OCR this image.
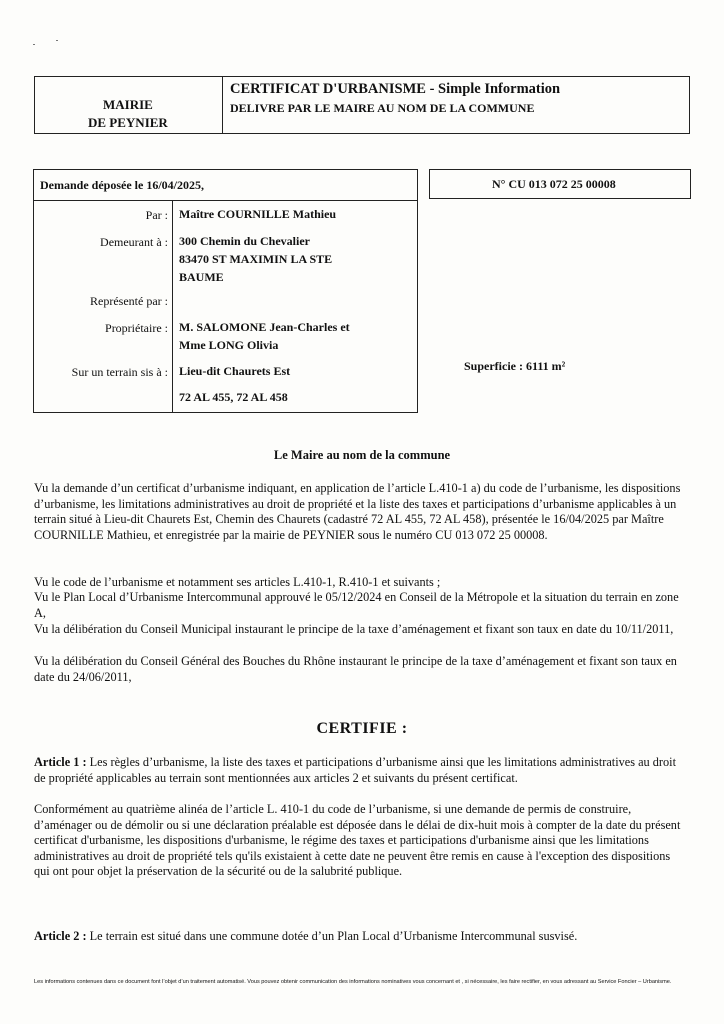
MAIRIE
DE PEYNIER
CERTIFICAT D'URBANISME - Simple Information
DELIVRE PAR LE MAIRE AU NOM DE LA COMMUNE
Demande déposée le 16/04/2025,
Par : Maître COURNILLE Mathieu
Demeurant à : 300 Chemin du Chevalier
83470 ST MAXIMIN LA STE
BAUME
Représenté par :
Propriétaire : M. SALOMONE Jean-Charles et
Mme LONG Olivia
Sur un terrain sis à : Lieu-dit Chaurets Est
72 AL 455, 72 AL 458
N° CU 013 072 25 00008
Superficie : 6111 m²
Le Maire au nom de la commune
Vu la demande d’un certificat d’urbanisme indiquant, en application de l’article L.410-1 a) du code de l’urbanisme, les dispositions d’urbanisme, les limitations administratives au droit de propriété et la liste des taxes et participations d’urbanisme applicables à un terrain situé à Lieu-dit Chaurets Est, Chemin des Chaurets (cadastré 72 AL 455, 72 AL 458), présentée le 16/04/2025 par Maître COURNILLE Mathieu, et enregistrée par la mairie de PEYNIER sous le numéro CU 013 072 25 00008.
Vu le code de l’urbanisme et notamment ses articles L.410-1, R.410-1 et suivants ;
Vu le Plan Local d’Urbanisme Intercommunal approuvé le 05/12/2024 en Conseil de la Métropole et la situation du terrain en zone A,
Vu la délibération du Conseil Municipal instaurant le principe de la taxe d’aménagement et fixant son taux en date du 10/11/2011,
Vu la délibération du Conseil Général des Bouches du Rhône instaurant le principe de la taxe d’aménagement et fixant son taux en date du 24/06/2011,
CERTIFIE :
Article 1 : Les règles d’urbanisme, la liste des taxes et participations d’urbanisme ainsi que les limitations administratives au droit de propriété applicables au terrain sont mentionnées aux articles 2 et suivants du présent certificat.
Conformément au quatrième alinéa de l’article L. 410-1 du code de l’urbanisme, si une demande de permis de construire, d’aménager ou de démolir ou si une déclaration préalable est déposée dans le délai de dix-huit mois à compter de la date du présent certificat d'urbanisme, les dispositions d'urbanisme, le régime des taxes et participations d'urbanisme ainsi que les limitations administratives au droit de propriété tels qu'ils existaient à cette date ne peuvent être remis en cause à l'exception des dispositions qui ont pour objet la préservation de la sécurité ou de la salubrité publique.
Article 2 : Le terrain est situé dans une commune dotée d’un Plan Local d’Urbanisme Intercommunal susvisé.
Les informations contenues dans ce document font l’objet d’un traitement automatisé. Vous pouvez obtenir communication des informations nominatives vous concernant et , si nécessaire, les faire rectifier, en vous adressant au Service Foncier – Urbanisme.
